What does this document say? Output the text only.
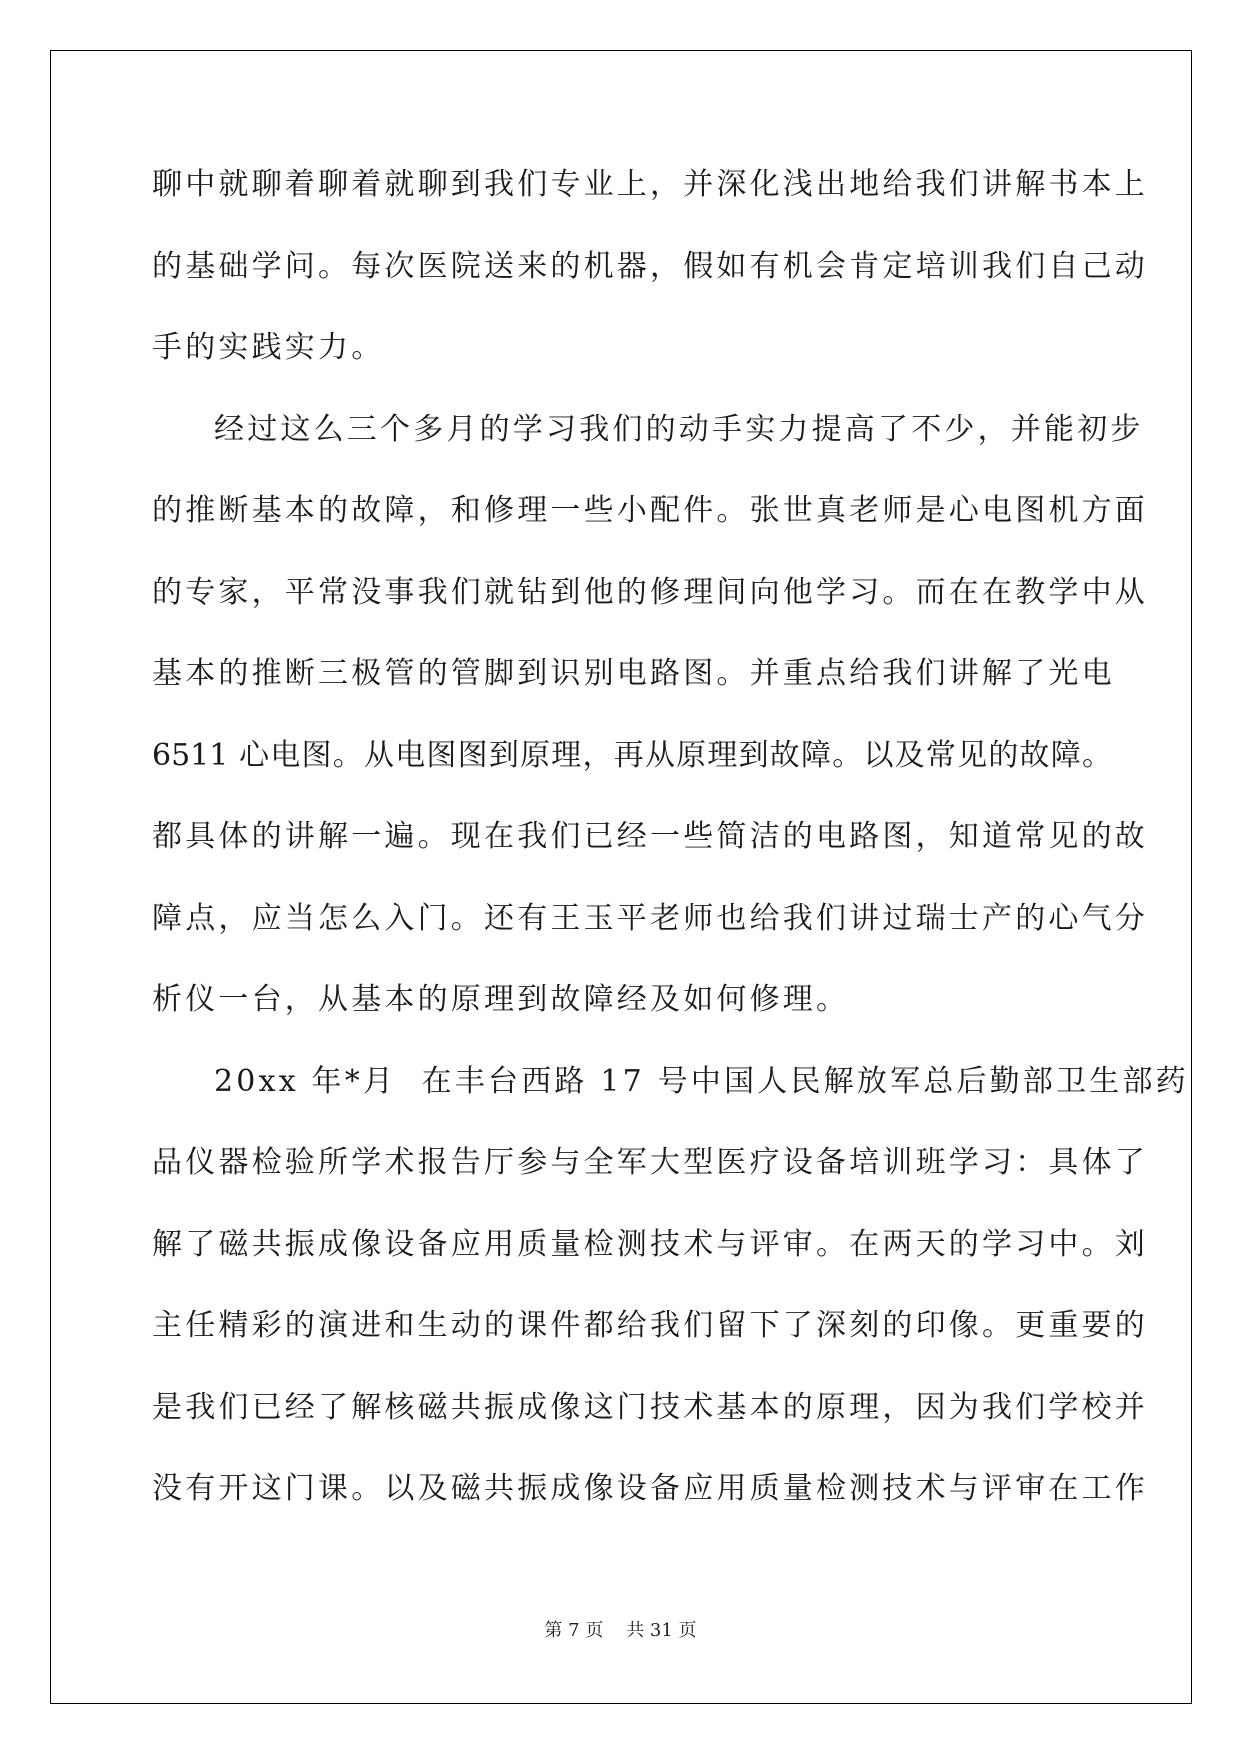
聊中就聊着聊着就聊到我们专业上，并深化浅出地给我们讲解书本上
的基础学问。每次医院送来的机器，假如有机会肯定培训我们自己动
手的实践实力。
经过这么三个多月的学习我们的动手实力提高了不少，并能初步
的推断基本的故障，和修理一些小配件。张世真老师是心电图机方面
的专家，平常没事我们就钻到他的修理间向他学习。而在在教学中从
基本的推断三极管的管脚到识别电路图。并重点给我们讲解了光电
6511 心电图。从电图图到原理，再从原理到故障。以及常见的故障。
都具体的讲解一遍。现在我们已经一些简洁的电路图，知道常见的故
障点，应当怎么入门。还有王玉平老师也给我们讲过瑞士产的心气分
析仪一台，从基本的原理到故障经及如何修理。
20xx 年*月  在丰台西路 17 号中国人民解放军总后勤部卫生部药
品仪器检验所学术报告厅参与全军大型医疗设备培训班学习：具体了
解了磁共振成像设备应用质量检测技术与评审。在两天的学习中。刘
主任精彩的演进和生动的课件都给我们留下了深刻的印像。更重要的
是我们已经了解核磁共振成像这门技术基本的原理，因为我们学校并
没有开这门课。以及磁共振成像设备应用质量检测技术与评审在工作
第 7 页    共 31 页
